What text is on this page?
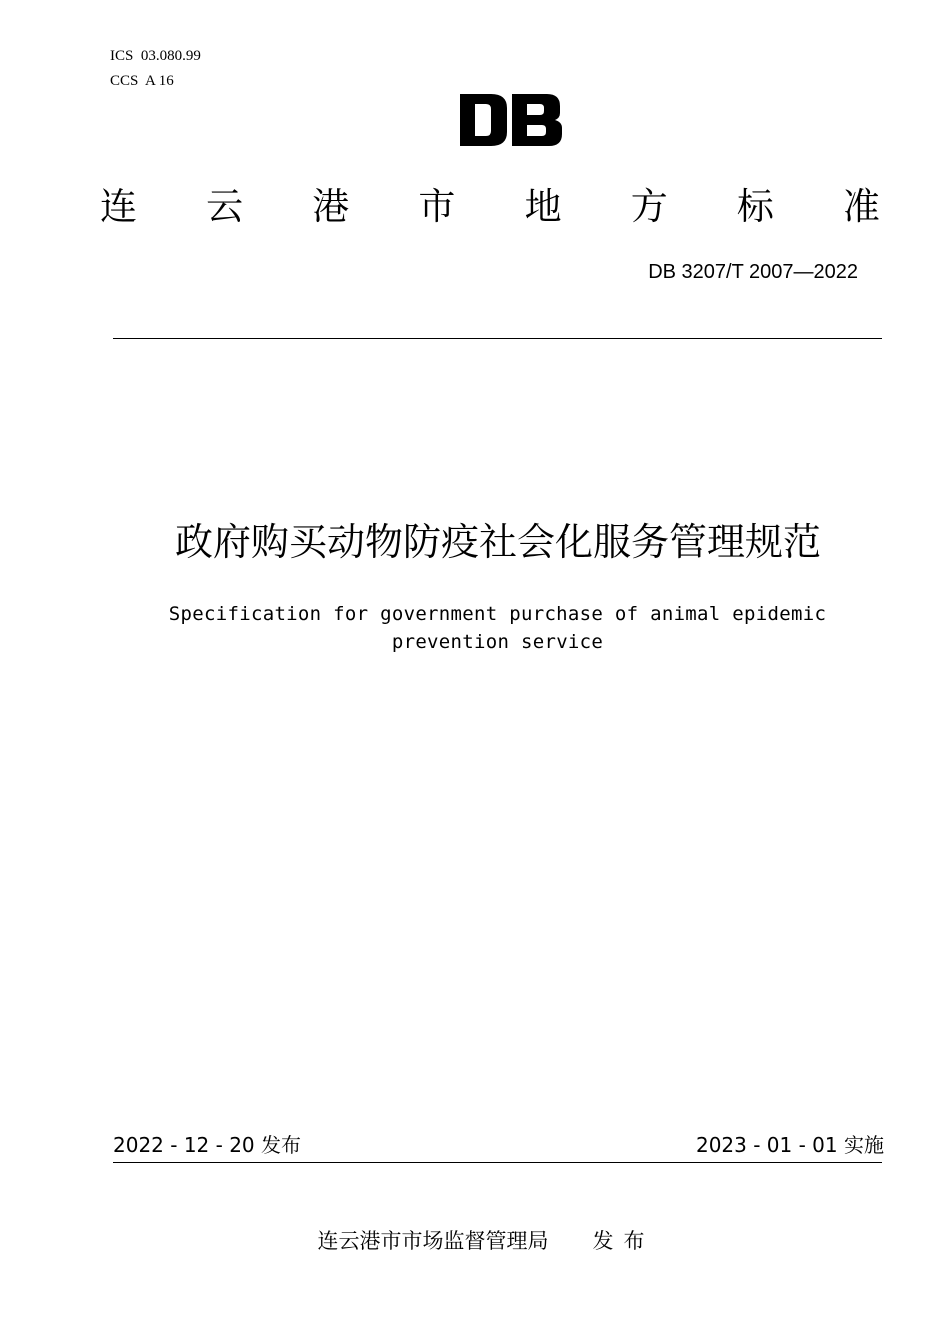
ICS  03.080.99
CCS  A 16
连 云 港 市 地 方 标 准
DB 3207/T 2007—2022
政府购买动物防疫社会化服务管理规范
Specification for government purchase of animal epidemic prevention service
2022 - 12 - 20 发布	2023 - 01 - 01 实施
连云港市市场监督管理局 发布
